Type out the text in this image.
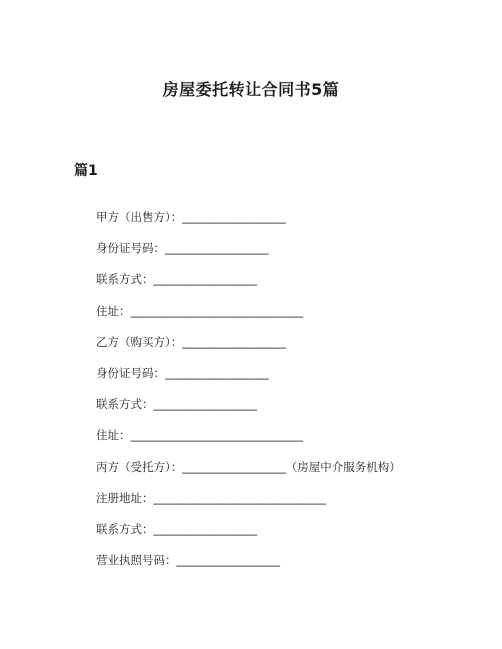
房屋委托转让合同书5篇
篇1
甲方（出售方）：__________________
身份证号码：__________________
联系方式：__________________
住址：______________________________
乙方（购买方）：__________________
身份证号码：__________________
联系方式：__________________
住址：______________________________
丙方（受托方）：__________________（房屋中介服务机构）
注册地址：______________________________
联系方式：__________________
营业执照号码：__________________
